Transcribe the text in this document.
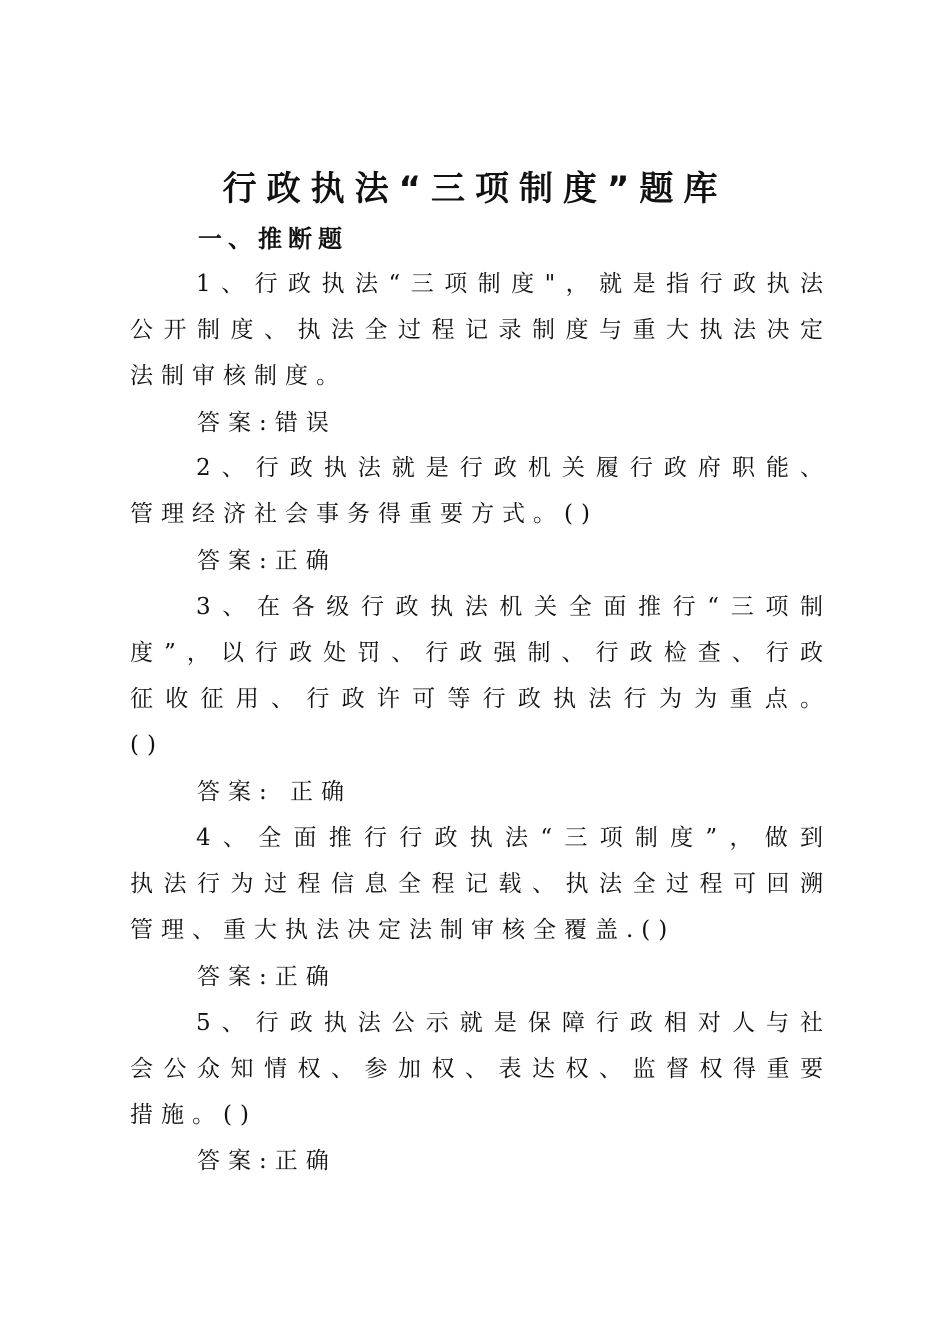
行政执法“三项制度”题库
一、推断题
1、行政执法“三项制度"，就是指行政执法
公开制度、执法全过程记录制度与重大执法决定
法制审核制度。
答案:错误
2、行政执法就是行政机关履行政府职能、
管理经济社会事务得重要方式。()
答案:正确
3、在各级行政执法机关全面推行“三项制
度”，以行政处罚、行政强制、行政检查、行政
征收征用、行政许可等行政执法行为为重点。
()
答案: 正确
4、全面推行行政执法“三项制度”，做到
执法行为过程信息全程记载、执法全过程可回溯
管理、重大执法决定法制审核全覆盖.()
答案:正确
5、行政执法公示就是保障行政相对人与社
会公众知情权、参加权、表达权、监督权得重要
措施。()
答案:正确
